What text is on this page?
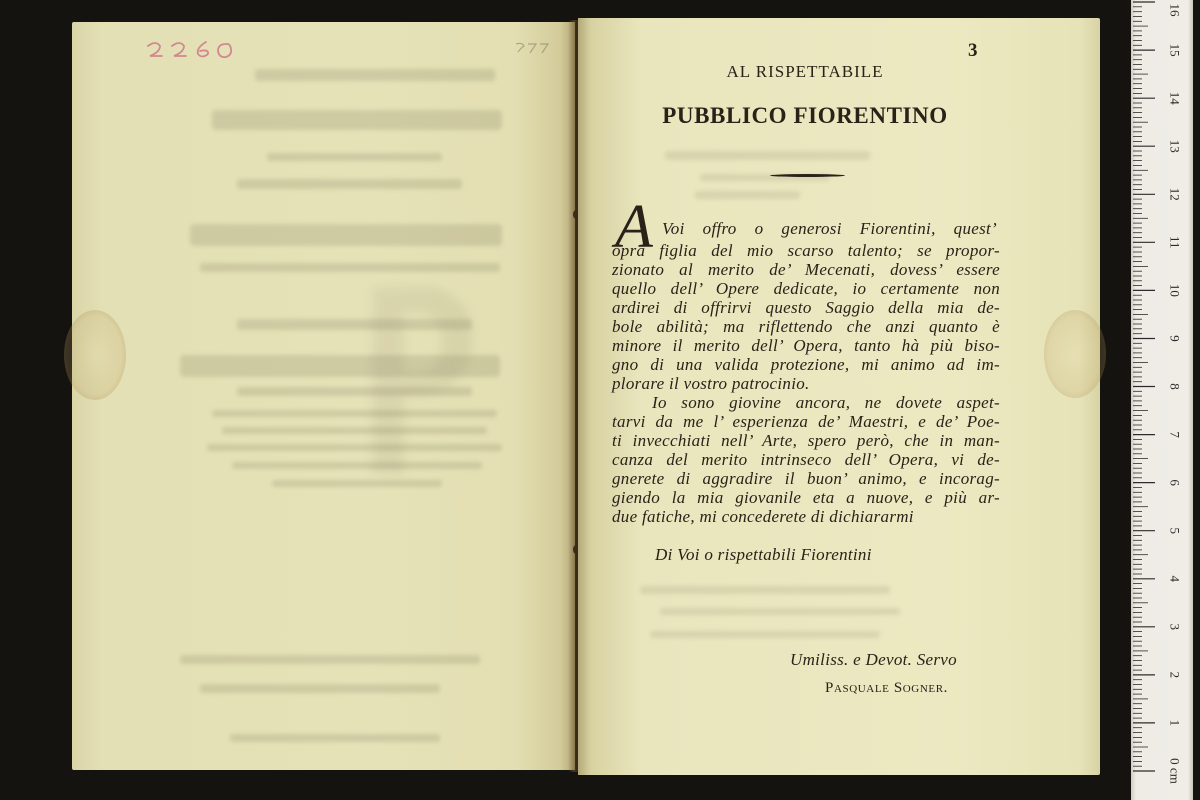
3
AL RISPETTABILE
PUBBLICO FIORENTINO
A Voi offro o generosi Fiorentini, quest’
opra figlia del mio scarso talento; se propor-
zionato al merito de’ Mecenati, dovess’ essere
quello dell’ Opere dedicate, io certamente non
ardirei di offrirvi questo Saggio della mia de-
bole abilità; ma riflettendo che anzi quanto è
minore il merito dell’ Opera, tanto hà più biso-
gno di una valida protezione, mi animo ad im-
plorare il vostro patrocinio.
Io sono giovine ancora, ne dovete aspet-
tarvi da me l’ esperienza de’ Maestri, e de’ Poe-
ti invecchiati nell’ Arte, spero però, che in man-
canza del merito intrinseco dell’ Opera, vi de-
gnerete di aggradire il buon’ animo, e incorag-
giendo la mia giovanile eta a nuove, e più ar-
due fatiche, mi concederete di dichiararmi
Di Voi o rispettabili Fiorentini
Umiliss. e Devot. Servo
Pasquale Sogner.
0 cm
1
2
3
4
5
6
7
8
9
10
11
12
13
14
15
16
